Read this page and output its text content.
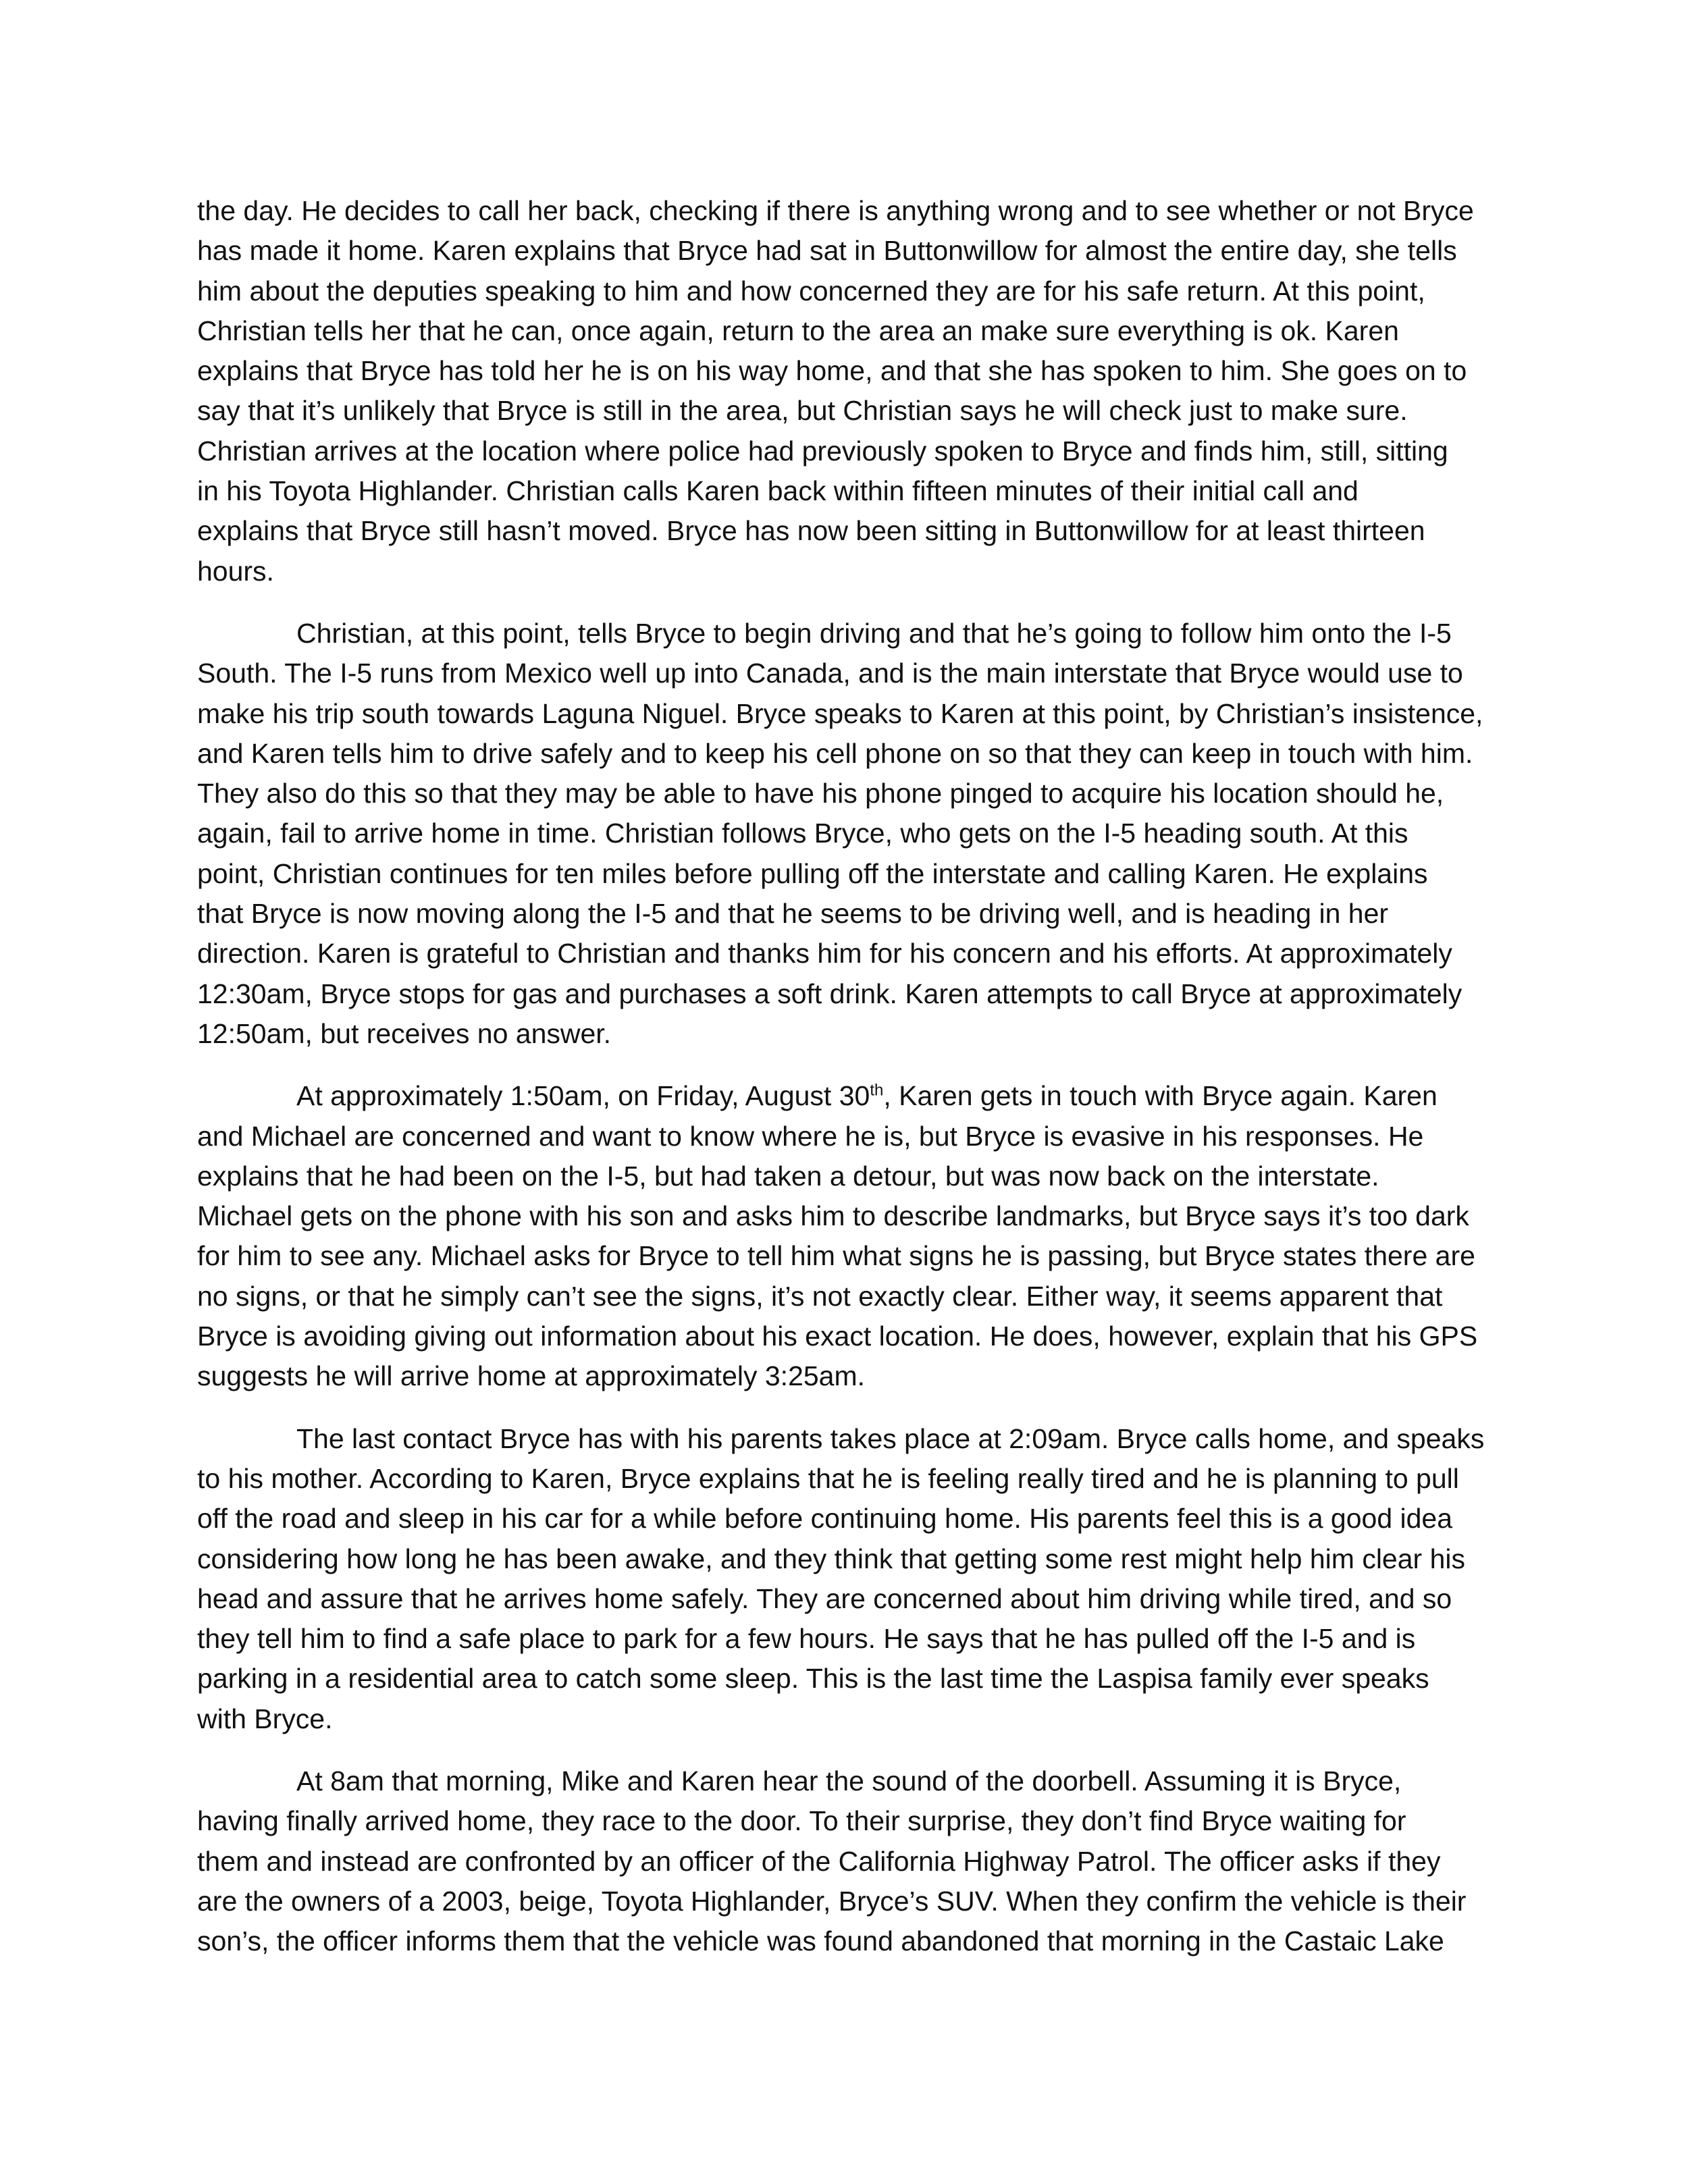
the day. He decides to call her back, checking if there is anything wrong and to see whether or not Bryce
has made it home. Karen explains that Bryce had sat in Buttonwillow for almost the entire day, she tells
him about the deputies speaking to him and how concerned they are for his safe return. At this point,
Christian tells her that he can, once again, return to the area an make sure everything is ok. Karen
explains that Bryce has told her he is on his way home, and that she has spoken to him. She goes on to
say that it’s unlikely that Bryce is still in the area, but Christian says he will check just to make sure.
Christian arrives at the location where police had previously spoken to Bryce and finds him, still, sitting
in his Toyota Highlander. Christian calls Karen back within fifteen minutes of their initial call and
explains that Bryce still hasn’t moved. Bryce has now been sitting in Buttonwillow for at least thirteen
hours.

Christian, at this point, tells Bryce to begin driving and that he’s going to follow him onto the I-5
South. The I-5 runs from Mexico well up into Canada, and is the main interstate that Bryce would use to
make his trip south towards Laguna Niguel. Bryce speaks to Karen at this point, by Christian’s insistence,
and Karen tells him to drive safely and to keep his cell phone on so that they can keep in touch with him.
They also do this so that they may be able to have his phone pinged to acquire his location should he,
again, fail to arrive home in time. Christian follows Bryce, who gets on the I-5 heading south. At this
point, Christian continues for ten miles before pulling off the interstate and calling Karen. He explains
that Bryce is now moving along the I-5 and that he seems to be driving well, and is heading in her
direction. Karen is grateful to Christian and thanks him for his concern and his efforts. At approximately
12:30am, Bryce stops for gas and purchases a soft drink. Karen attempts to call Bryce at approximately
12:50am, but receives no answer.

At approximately 1:50am, on Friday, August 30th, Karen gets in touch with Bryce again. Karen
and Michael are concerned and want to know where he is, but Bryce is evasive in his responses. He
explains that he had been on the I-5, but had taken a detour, but was now back on the interstate.
Michael gets on the phone with his son and asks him to describe landmarks, but Bryce says it’s too dark
for him to see any. Michael asks for Bryce to tell him what signs he is passing, but Bryce states there are
no signs, or that he simply can’t see the signs, it’s not exactly clear. Either way, it seems apparent that
Bryce is avoiding giving out information about his exact location. He does, however, explain that his GPS
suggests he will arrive home at approximately 3:25am.

The last contact Bryce has with his parents takes place at 2:09am. Bryce calls home, and speaks
to his mother. According to Karen, Bryce explains that he is feeling really tired and he is planning to pull
off the road and sleep in his car for a while before continuing home. His parents feel this is a good idea
considering how long he has been awake, and they think that getting some rest might help him clear his
head and assure that he arrives home safely. They are concerned about him driving while tired, and so
they tell him to find a safe place to park for a few hours. He says that he has pulled off the I-5 and is
parking in a residential area to catch some sleep. This is the last time the Laspisa family ever speaks
with Bryce.

At 8am that morning, Mike and Karen hear the sound of the doorbell. Assuming it is Bryce,
having finally arrived home, they race to the door. To their surprise, they don’t find Bryce waiting for
them and instead are confronted by an officer of the California Highway Patrol. The officer asks if they
are the owners of a 2003, beige, Toyota Highlander, Bryce’s SUV. When they confirm the vehicle is their
son’s, the officer informs them that the vehicle was found abandoned that morning in the Castaic Lake
